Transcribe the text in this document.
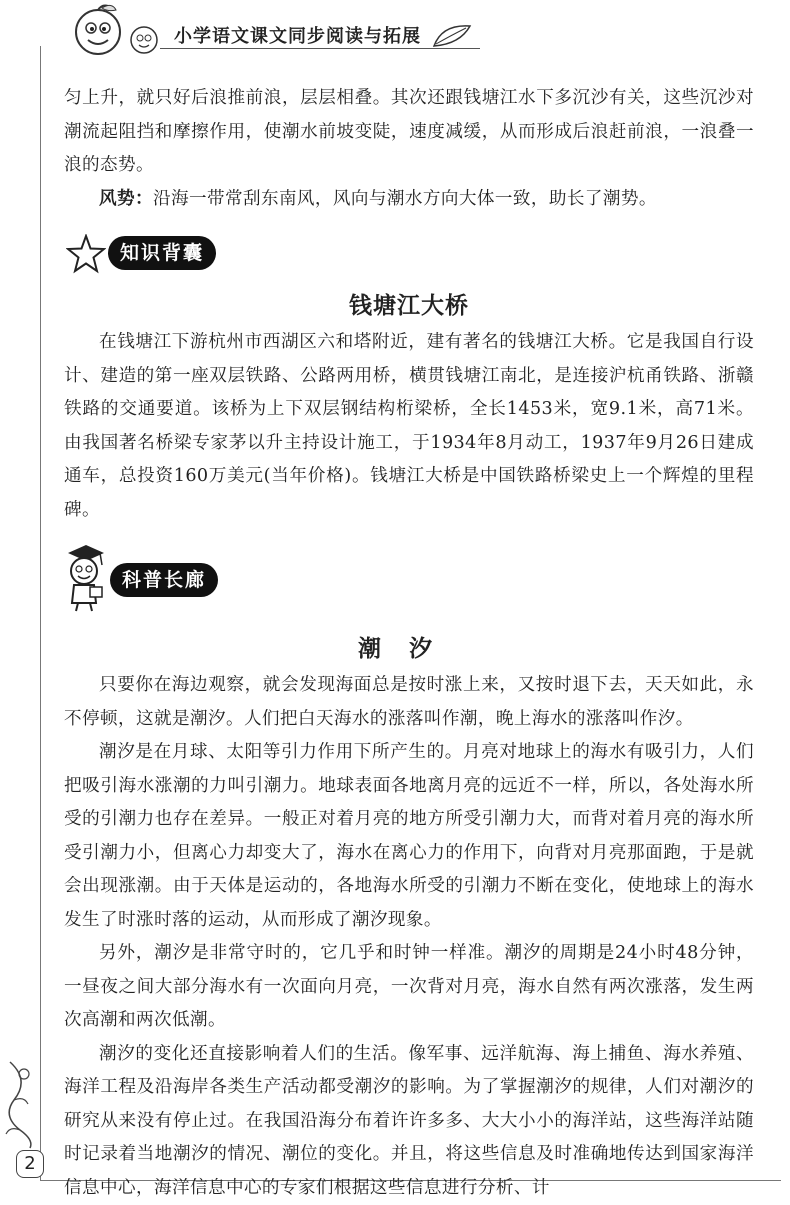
小学语文课文同步阅读与拓展

匀上升，就只好后浪推前浪，层层相叠。其次还跟钱塘江水下多沉沙有关，这些沉沙对潮流起阻挡和摩擦作用，使潮水前坡变陡，速度减缓，从而形成后浪赶前浪，一浪叠一浪的态势。

风势：沿海一带常刮东南风，风向与潮水方向大体一致，助长了潮势。

知识背囊
钱塘江大桥

在钱塘江下游杭州市西湖区六和塔附近，建有著名的钱塘江大桥。它是我国自行设计、建造的第一座双层铁路、公路两用桥，横贯钱塘江南北，是连接沪杭甬铁路、浙赣铁路的交通要道。该桥为上下双层钢结构桁梁桥，全长1453米，宽9.1米，高71米。由我国著名桥梁专家茅以升主持设计施工，于1934年8月动工，1937年9月26日建成通车，总投资160万美元(当年价格)。钱塘江大桥是中国铁路桥梁史上一个辉煌的里程碑。

科普长廊
潮汐

只要你在海边观察，就会发现海面总是按时涨上来，又按时退下去，天天如此，永不停顿，这就是潮汐。人们把白天海水的涨落叫作潮，晚上海水的涨落叫作汐。

潮汐是在月球、太阳等引力作用下所产生的。月亮对地球上的海水有吸引力，人们把吸引海水涨潮的力叫引潮力。地球表面各地离月亮的远近不一样，所以，各处海水所受的引潮力也存在差异。一般正对着月亮的地方所受引潮力大，而背对着月亮的海水所受引潮力小，但离心力却变大了，海水在离心力的作用下，向背对月亮那面跑，于是就会出现涨潮。由于天体是运动的，各地海水所受的引潮力不断在变化，使地球上的海水发生了时涨时落的运动，从而形成了潮汐现象。

另外，潮汐是非常守时的，它几乎和时钟一样准。潮汐的周期是24小时48分钟，一昼夜之间大部分海水有一次面向月亮，一次背对月亮，海水自然有两次涨落，发生两次高潮和两次低潮。

潮汐的变化还直接影响着人们的生活。像军事、远洋航海、海上捕鱼、海水养殖、海洋工程及沿海岸各类生产活动都受潮汐的影响。为了掌握潮汐的规律，人们对潮汐的研究从来没有停止过。在我国沿海分布着许许多多、大大小小的海洋站，这些海洋站随时记录着当地潮汐的情况、潮位的变化。并且，将这些信息及时准确地传达到国家海洋信息中心，海洋信息中心的专家们根据这些信息进行分析、计

2
